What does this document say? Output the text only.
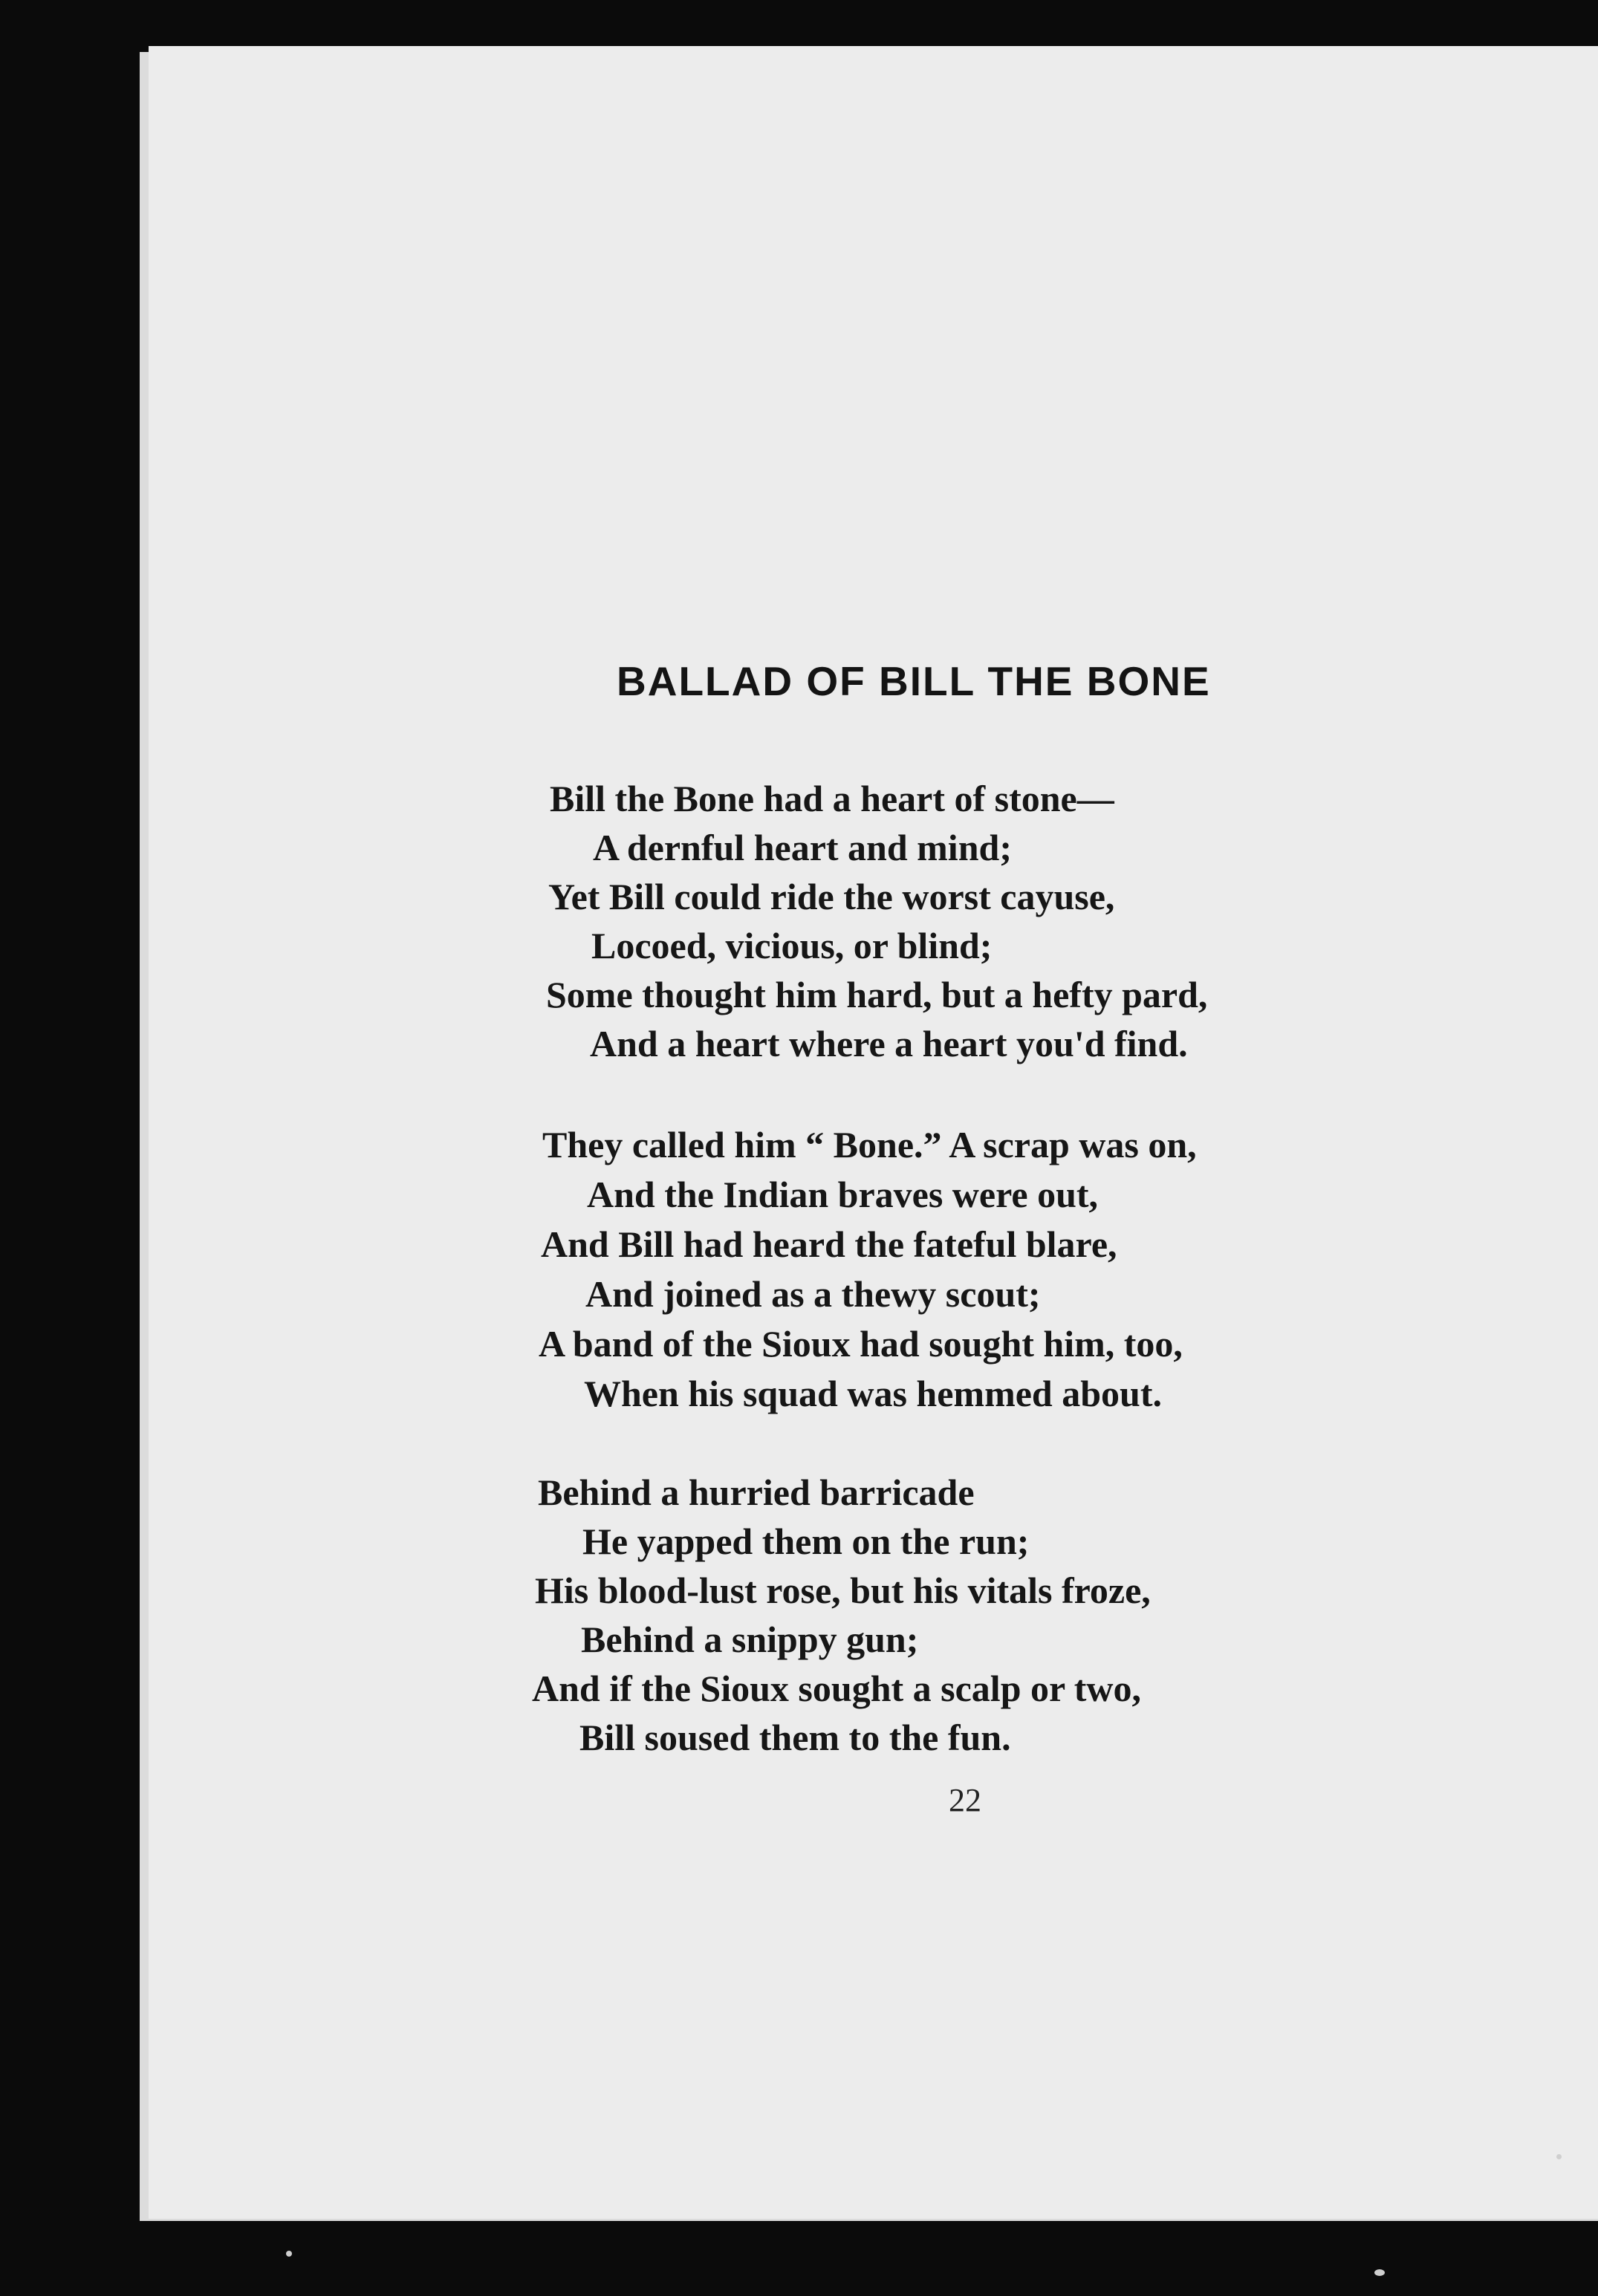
BALLAD OF BILL THE BONE
Bill the Bone had a heart of stone—
A dernful heart and mind;
Yet Bill could ride the worst cayuse,
Locoed, vicious, or blind;
Some thought him hard, but a hefty pard,
And a heart where a heart you'd find.
They called him “ Bone.” A scrap was on,
And the Indian braves were out,
And Bill had heard the fateful blare,
And joined as a thewy scout;
A band of the Sioux had sought him, too,
When his squad was hemmed about.
Behind a hurried barricade
He yapped them on the run;
His blood-lust rose, but his vitals froze,
Behind a snippy gun;
And if the Sioux sought a scalp or two,
Bill soused them to the fun.
22
